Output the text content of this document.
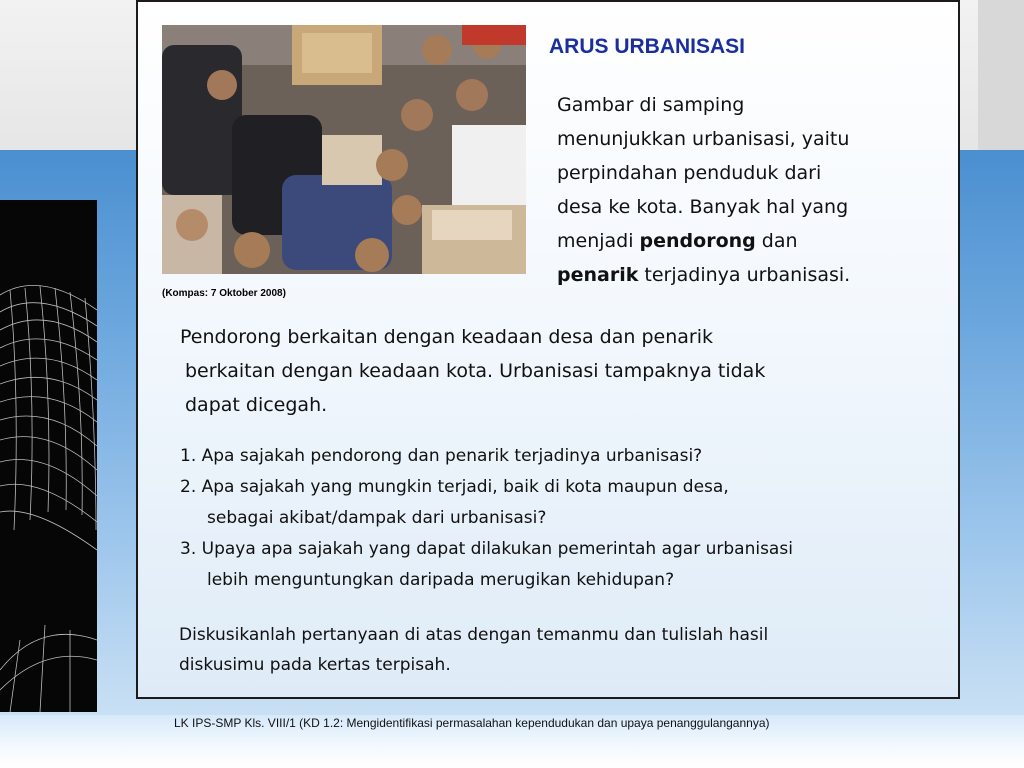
(Kompas: 7 Oktober 2008)
ARUS URBANISASI

Gambar di samping

menunjukkan urbanisasi, yaitu

perpindahan penduduk dari

desa ke kota. Banyak hal yang

menjadi pendorong dan

penarik terjadinya urbanisasi.

Pendorong berkaitan dengan keadaan desa dan penarik

berkaitan dengan keadaan kota. Urbanisasi tampaknya tidak

dapat dicegah.

1. Apa sajakah pendorong dan penarik terjadinya urbanisasi?

2. Apa sajakah yang mungkin terjadi, baik di kota maupun desa,

sebagai akibat/dampak dari urbanisasi?

3. Upaya apa sajakah yang dapat dilakukan pemerintah agar urbanisasi

lebih menguntungkan daripada merugikan kehidupan?

Diskusikanlah pertanyaan di atas dengan temanmu dan tulislah hasil

diskusimu pada kertas terpisah.

LK IPS-SMP Kls. VIII/1 (KD 1.2: Mengidentifikasi permasalahan kependudukan dan upaya penanggulangannya)
